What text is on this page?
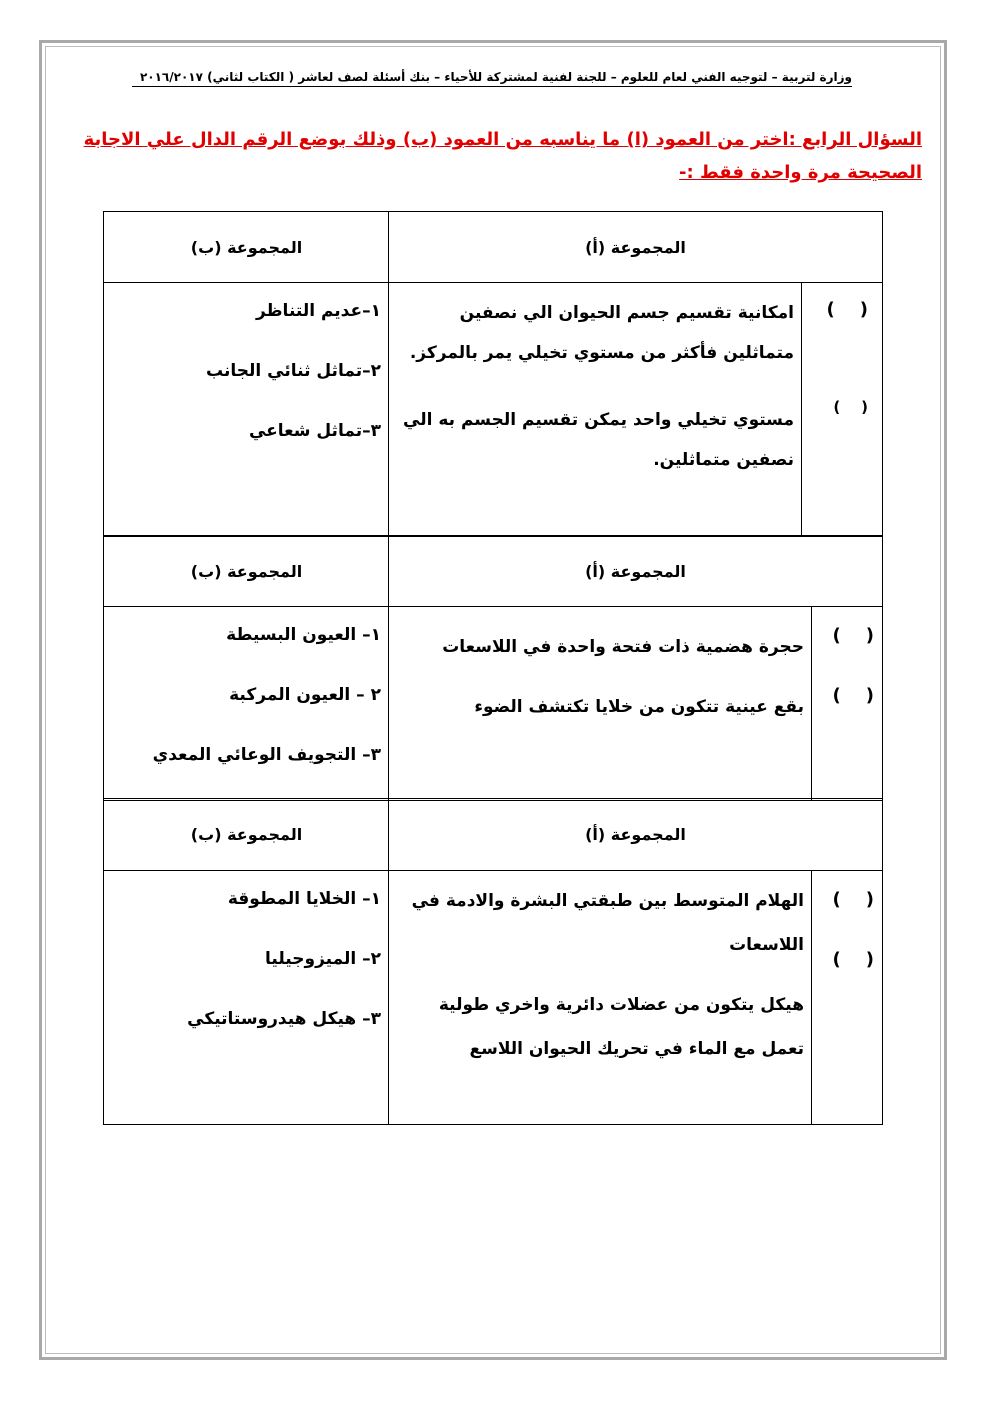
وزارة لتربية – لتوجيه الفني لعام للعلوم – للجنة لفنية لمشتركة للأحياء – بنك أسئلة لصف لعاشر ( الكتاب لثاني) ٢٠١٦/٢٠١٧
السؤال الرابع :اختر من العمود (ا) ما يناسبه من العمود (ب) وذلك بوضع الرقم الدال علي الاجابة
الصحيحة مرة واحدة فقط :-
المجموعة (أ)
المجموعة (ب)
(    )
(    )
امكانية تقسيم جسم الحيوان الي نصفين متماثلين فأكثر من مستوي تخيلي يمر بالمركز.
مستوي تخيلي واحد يمكن تقسيم الجسم به الي نصفين متماثلين.
١–عديم التناظر
٢–تماثل ثنائي الجانب
٣–تماثل شعاعي
المجموعة (أ)
المجموعة (ب)
(    )
(    )
حجرة هضمية ذات فتحة واحدة في اللاسعات
بقع عينية تتكون من خلايا تكتشف الضوء
١– العيون البسيطة
٢ – العيون المركبة
٣– التجويف الوعائي المعدي
المجموعة (أ)
المجموعة (ب)
(    )
(    )
الهلام المتوسط بين طبقتي البشرة والادمة في اللاسعات
هيكل يتكون من عضلات دائرية واخري طولية تعمل مع الماء في تحريك الحيوان اللاسع
١– الخلايا المطوقة
٢– الميزوجيليا
٣– هيكل هيدروستاتيكي
